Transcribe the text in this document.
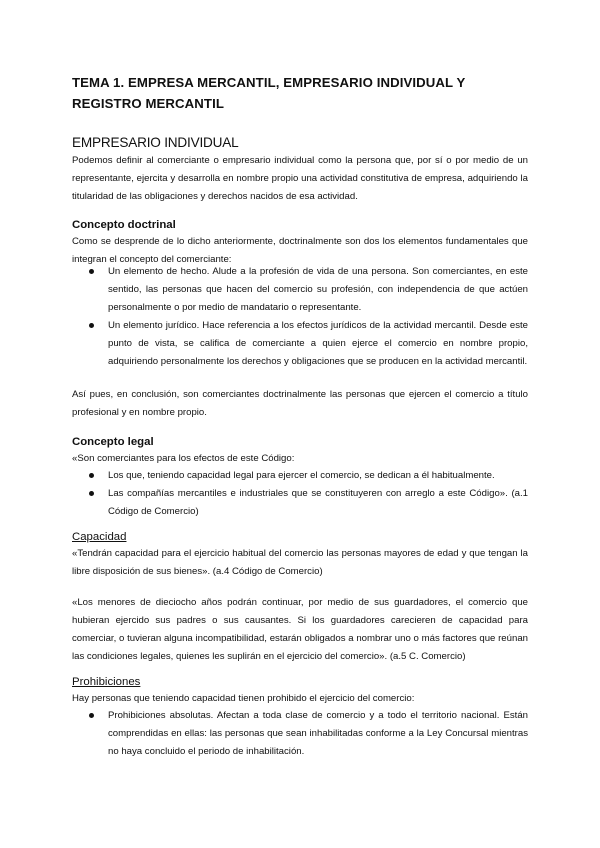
TEMA 1. EMPRESA MERCANTIL, EMPRESARIO INDIVIDUAL Y REGISTRO MERCANTIL
EMPRESARIO INDIVIDUAL

Podemos definir al comerciante o empresario individual como la persona que, por sí o por medio de un representante, ejercita y desarrolla en nombre propio una actividad constitutiva de empresa, adquiriendo la titularidad de las obligaciones y derechos nacidos de esa actividad.

Concepto doctrinal

Como se desprende de lo dicho anteriormente, doctrinalmente son dos los elementos fundamentales que integran el concepto del comerciante:

Un elemento de hecho. Alude a la profesión de vida de una persona. Son comerciantes, en este sentido, las personas que hacen del comercio su profesión, con independencia de que actúen personalmente o por medio de mandatario o representante.
Un elemento jurídico. Hace referencia a los efectos jurídicos de la actividad mercantil. Desde este punto de vista, se califica de comerciante a quien ejerce el comercio en nombre propio, adquiriendo personalmente los derechos y obligaciones que se producen en la actividad mercantil.

Así pues, en conclusión, son comerciantes doctrinalmente las personas que ejercen el comercio a título profesional y en nombre propio.

Concepto legal

«Son comerciantes para los efectos de este Código:

Los que, teniendo capacidad legal para ejercer el comercio, se dedican a él habitualmente.
Las compañías mercantiles e industriales que se constituyeren con arreglo a este Código». (a.1 Código de Comercio)

Capacidad

«Tendrán capacidad para el ejercicio habitual del comercio las personas mayores de edad y que tengan la libre disposición de sus bienes». (a.4 Código de Comercio)

«Los menores de dieciocho años podrán continuar, por medio de sus guardadores, el comercio que hubieran ejercido sus padres o sus causantes. Si los guardadores carecieren de capacidad para comerciar, o tuvieran alguna incompatibilidad, estarán obligados a nombrar uno o más factores que reúnan las condiciones legales, quienes les suplirán en el ejercicio del comercio». (a.5 C. Comercio)

Prohibiciones

Hay personas que teniendo capacidad tienen prohibido el ejercicio del comercio:

Prohibiciones absolutas. Afectan a toda clase de comercio y a todo el territorio nacional. Están comprendidas en ellas: las personas que sean inhabilitadas conforme a la Ley Concursal mientras no haya concluido el periodo de inhabilitación.
